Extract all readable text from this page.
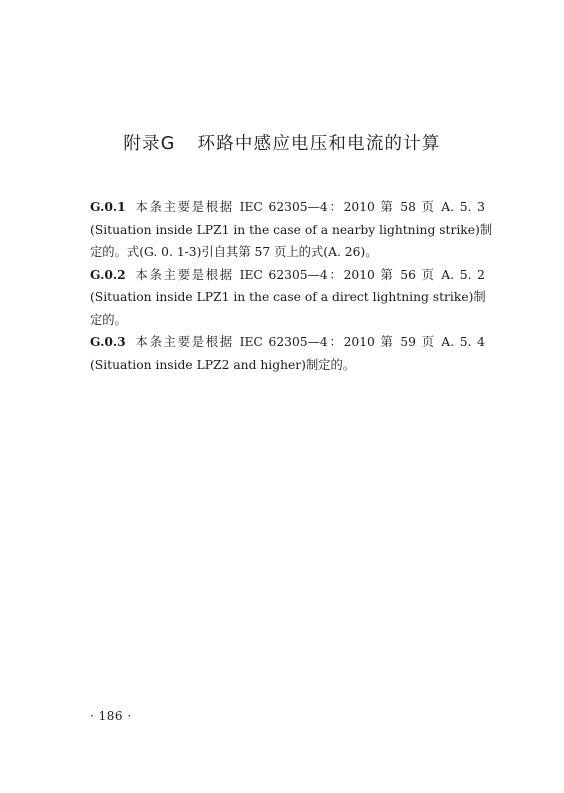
附录G 环路中感应电压和电流的计算
G.0.1 本条主要是根据 IEC 62305—4：2010 第 58 页 A. 5. 3
(Situation inside LPZ1 in the case of a nearby lightning strike)制
定的。式(G. 0. 1-3)引自其第 57 页上的式(A. 26)。
G.0.2 本条主要是根据 IEC 62305—4：2010 第 56 页 A. 5. 2
(Situation inside LPZ1 in the case of a direct lightning strike)制
定的。
G.0.3 本条主要是根据 IEC 62305—4：2010 第 59 页 A. 5. 4
(Situation inside LPZ2 and higher)制定的。
· 186 ·
